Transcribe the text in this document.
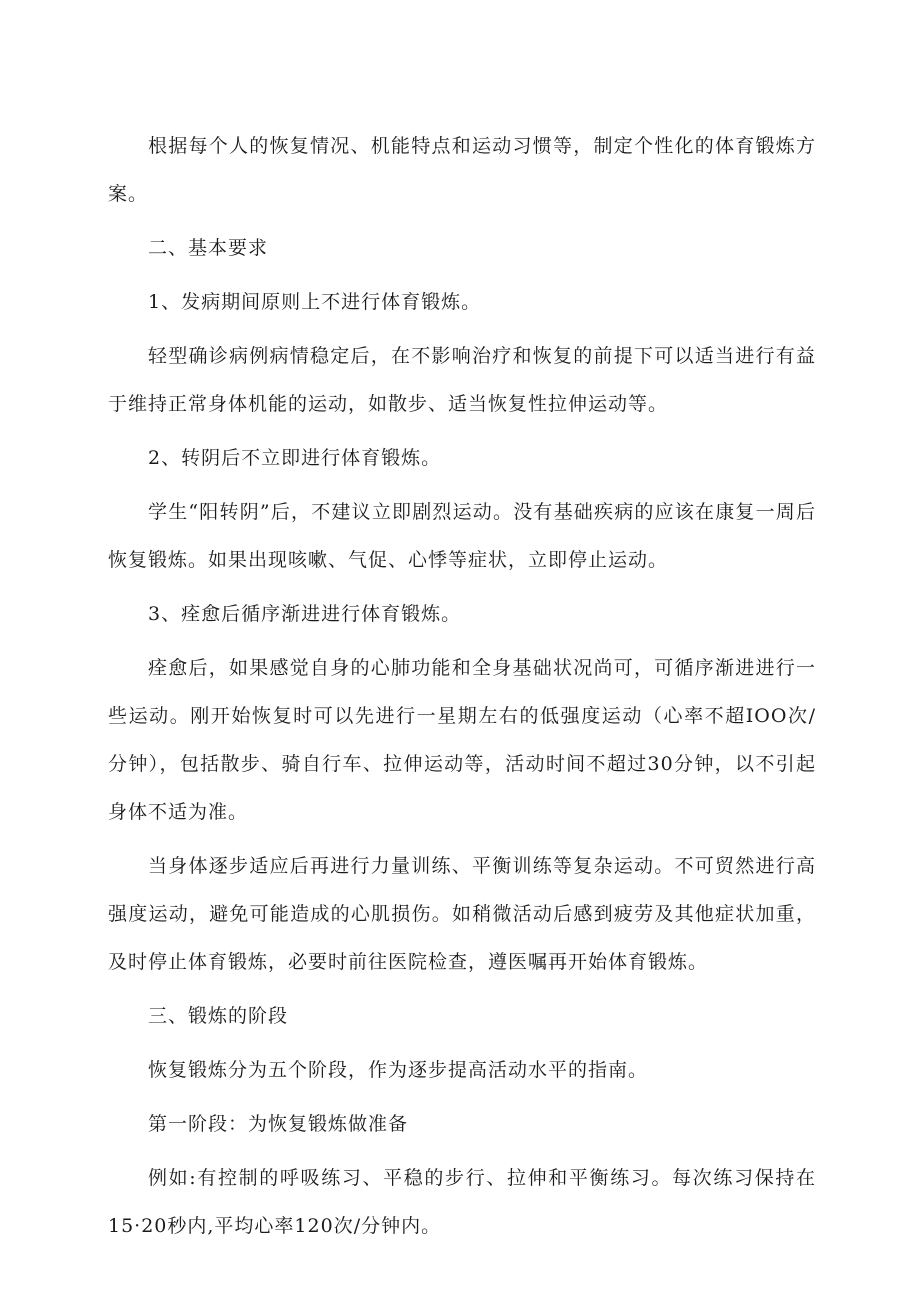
根据每个人的恢复情况、机能特点和运动习惯等，制定个性化的体育锻炼方案。

二、基本要求

1、发病期间原则上不进行体育锻炼。

轻型确诊病例病情稳定后，在不影响治疗和恢复的前提下可以适当进行有益于维持正常身体机能的运动，如散步、适当恢复性拉伸运动等。

2、转阴后不立即进行体育锻炼。

学生“阳转阴”后，不建议立即剧烈运动。没有基础疾病的应该在康复一周后恢复锻炼。如果出现咳嗽、气促、心悸等症状，立即停止运动。

3、痊愈后循序渐进进行体育锻炼。

痊愈后，如果感觉自身的心肺功能和全身基础状况尚可，可循序渐进进行一些运动。刚开始恢复时可以先进行一星期左右的低强度运动（心率不超IOO次/分钟），包括散步、骑自行车、拉伸运动等，活动时间不超过30分钟，以不引起身体不适为准。

当身体逐步适应后再进行力量训练、平衡训练等复杂运动。不可贸然进行高强度运动，避免可能造成的心肌损伤。如稍微活动后感到疲劳及其他症状加重，及时停止体育锻炼，必要时前往医院检查，遵医嘱再开始体育锻炼。

三、锻炼的阶段

恢复锻炼分为五个阶段，作为逐步提高活动水平的指南。

第一阶段：为恢复锻炼做准备

例如:有控制的呼吸练习、平稳的步行、拉伸和平衡练习。每次练习保持在15·20秒内,平均心率120次/分钟内。
